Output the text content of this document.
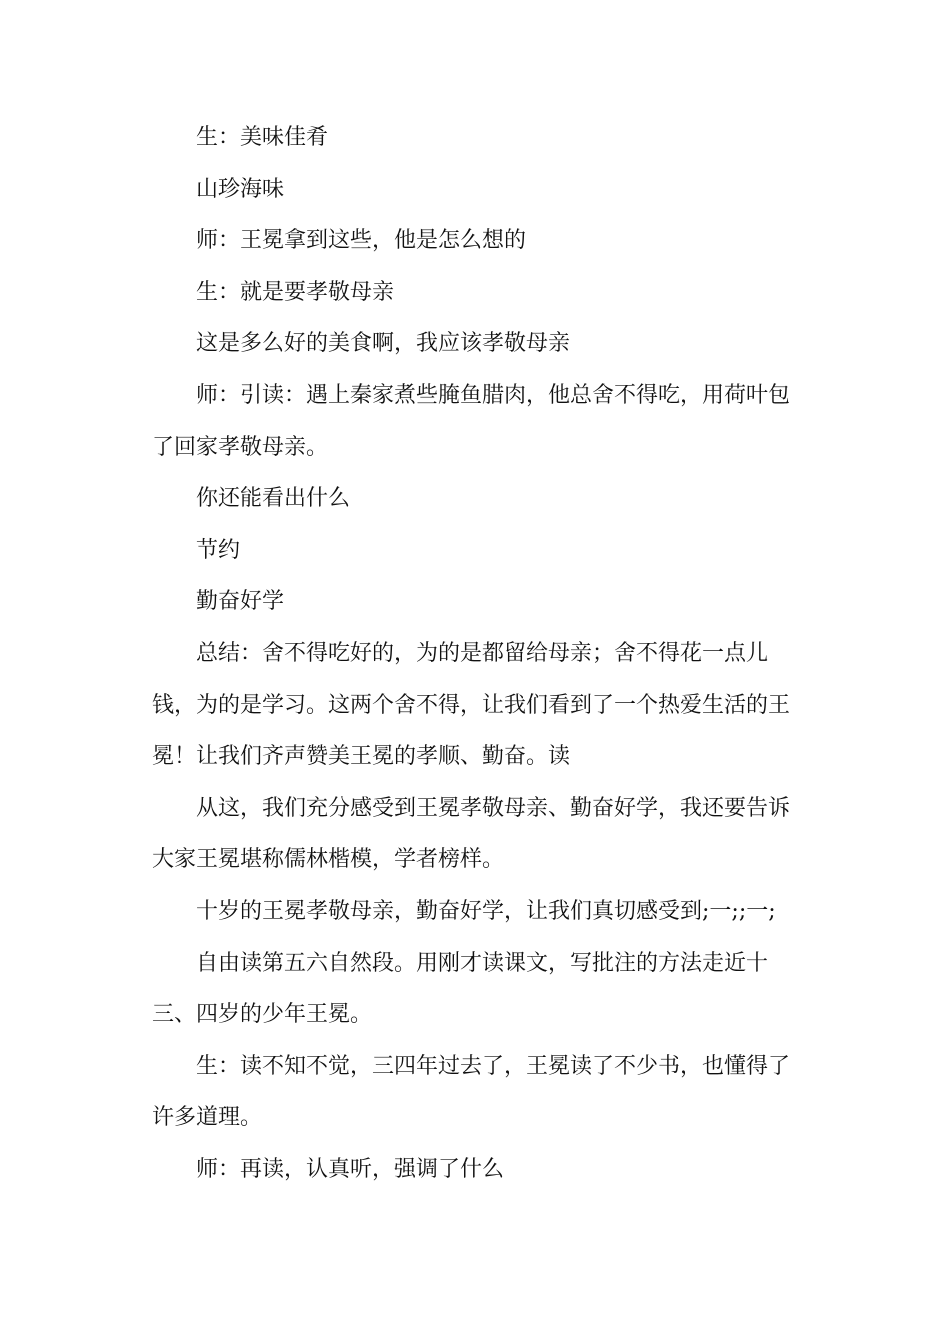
生：美味佳肴

山珍海味

师：王冕拿到这些，他是怎么想的

生：就是要孝敬母亲

这是多么好的美食啊，我应该孝敬母亲

师：引读：遇上秦家煮些腌鱼腊肉，他总舍不得吃，用荷叶包了回家孝敬母亲。

你还能看出什么

节约

勤奋好学

总结：舍不得吃好的，为的是都留给母亲；舍不得花一点儿钱，为的是学习。这两个舍不得，让我们看到了一个热爱生活的王冕！让我们齐声赞美王冕的孝顺、勤奋。读

从这，我们充分感受到王冕孝敬母亲、勤奋好学，我还要告诉大家王冕堪称儒林楷模，学者榜样。

十岁的王冕孝敬母亲，勤奋好学，让我们真切感受到;一;;一;

自由读第五六自然段。用刚才读课文，写批注的方法走近十三、四岁的少年王冕。

生：读不知不觉，三四年过去了，王冕读了不少书，也懂得了许多道理。

师：再读，认真听，强调了什么
